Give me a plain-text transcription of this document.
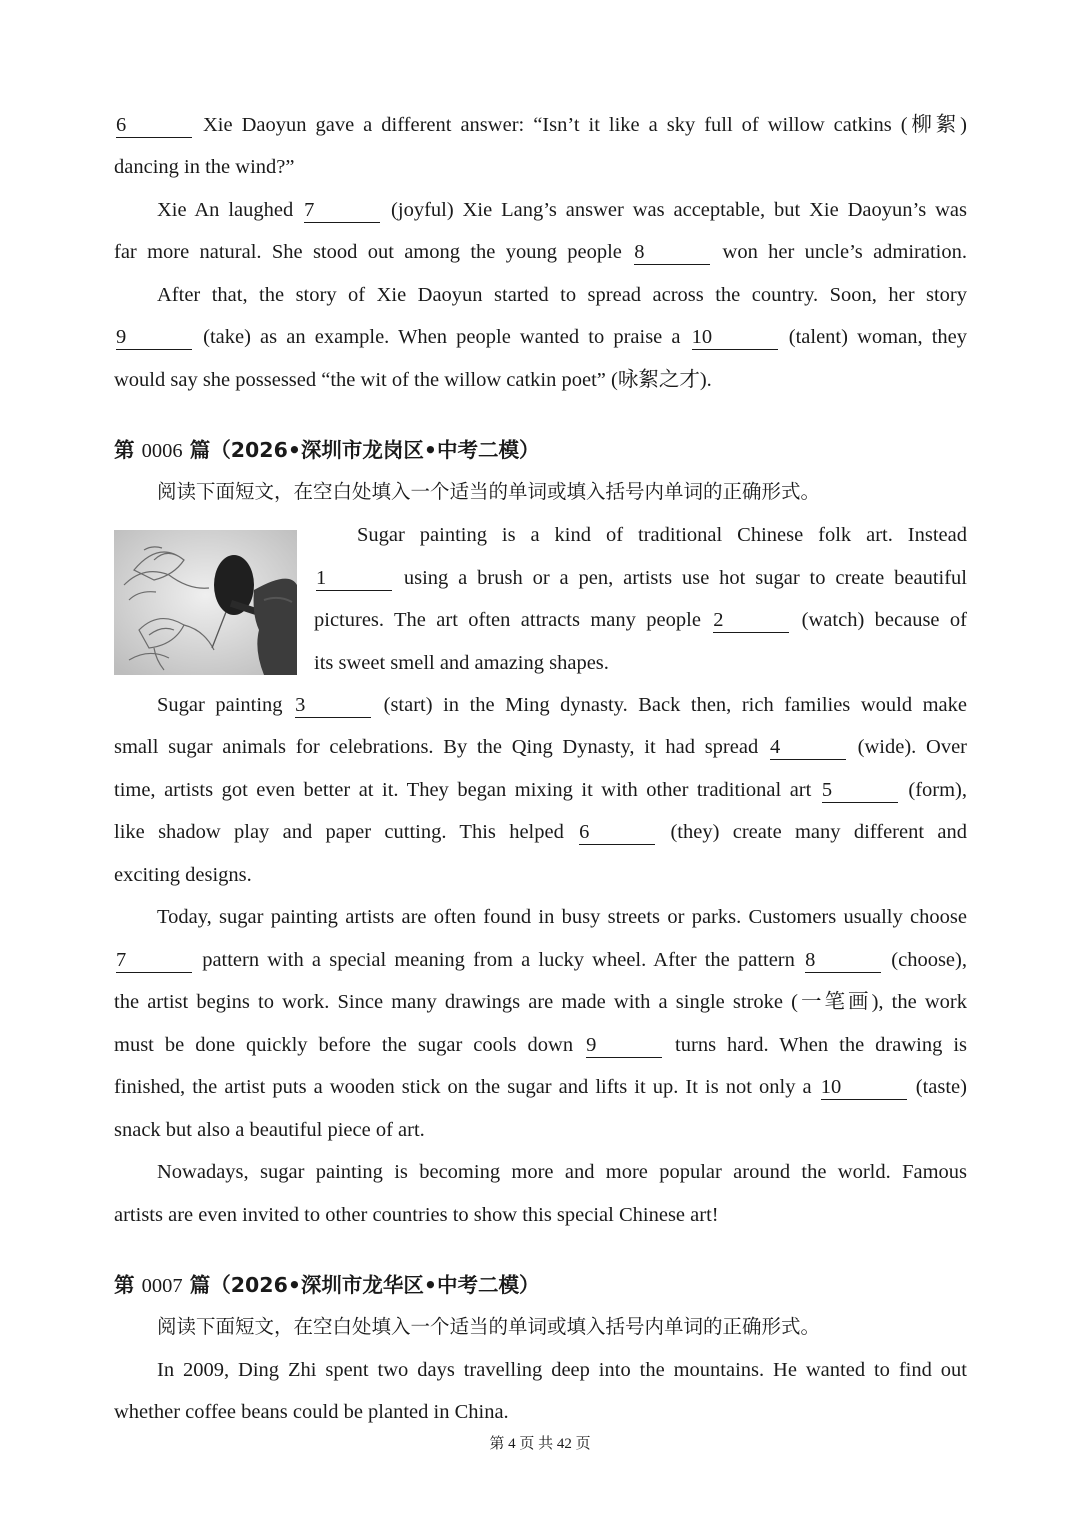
6	Xie Daoyun gave a different answer: “Isn’t it like a sky full of willow catkins (柳絮)
dancing in the wind?”
Xie An laughed 7	(joyful) Xie Lang’s answer was acceptable, but Xie Daoyun’s was
far more natural. She stood out among the young people 8	won her uncle’s admiration.
After that, the story of Xie Daoyun started to spread across the country. Soon, her story
9	(take) as an example. When people wanted to praise a 10	(talent) woman, they
would say she possessed “the wit of the willow catkin poet” (咏絮之才).
第 0006 篇（2026•深圳市龙岗区•中考二模）
阅读下面短文，在空白处填入一个适当的单词或填入括号内单词的正确形式。
Sugar painting is a kind of traditional Chinese folk art. Instead
1	using a brush or a pen, artists use hot sugar to create beautiful
pictures. The art often attracts many people 2	(watch) because of
its sweet smell and amazing shapes.
Sugar painting 3	(start) in the Ming dynasty. Back then, rich families would make
small sugar animals for celebrations. By the Qing Dynasty, it had spread 4	(wide). Over
time, artists got even better at it. They began mixing it with other traditional art 5	(form),
like shadow play and paper cutting. This helped 6	(they) create many different and
exciting designs.
Today, sugar painting artists are often found in busy streets or parks. Customers usually choose
7	pattern with a special meaning from a lucky wheel. After the pattern 8	(choose),
the artist begins to work. Since many drawings are made with a single stroke (一笔画), the work
must be done quickly before the sugar cools down 9	turns hard. When the drawing is
finished, the artist puts a wooden stick on the sugar and lifts it up. It is not only a 10	(taste)
snack but also a beautiful piece of art.
Nowadays, sugar painting is becoming more and more popular around the world. Famous
artists are even invited to other countries to show this special Chinese art!
第 0007 篇（2026•深圳市龙华区•中考二模）
阅读下面短文，在空白处填入一个适当的单词或填入括号内单词的正确形式。
In 2009, Ding Zhi spent two days travelling deep into the mountains. He wanted to find out
whether coffee beans could be planted in China.
第 4 页 共 42 页
